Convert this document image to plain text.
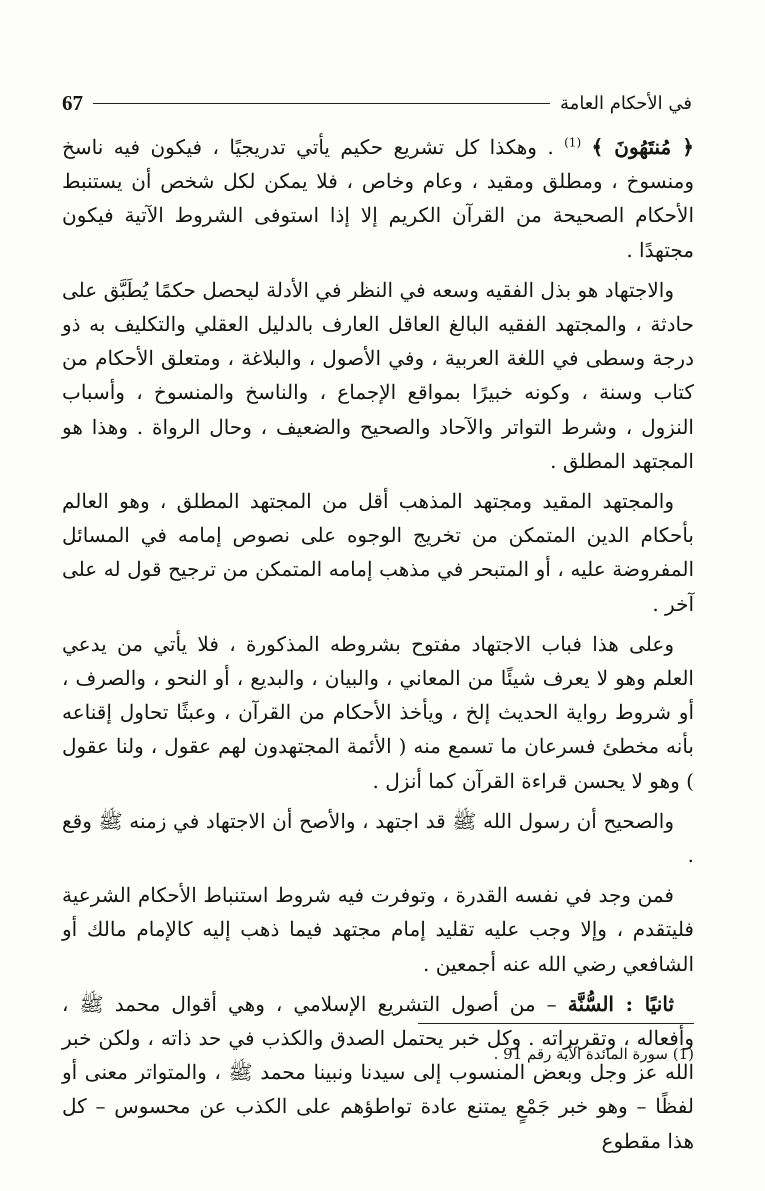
في الأحكام العامة
67

﴿ مُنتَهُونَ ﴾ $^{(1)}$ . وهكذا كل تشريع حكيم يأتي تدريجيًا ، فيكون فيه ناسخ ومنسوخ ، ومطلق ومقيد ، وعام وخاص ، فلا يمكن لكل شخص أن يستنبط الأحكام الصحيحة من القرآن الكريم إلا إذا استوفى الشروط الآتية فيكون مجتهدًا .

والاجتهاد هو بذل الفقيه وسعه في النظر في الأدلة ليحصل حكمًا يُطَبَّق على حادثة ، والمجتهد الفقيه البالغ العاقل العارف بالدليل العقلي والتكليف به ذو درجة وسطى في اللغة العربية ، وفي الأصول ، والبلاغة ، ومتعلق الأحكام من كتاب وسنة ، وكونه خبيرًا بمواقع الإجماع ، والناسخ والمنسوخ ، وأسباب النزول ، وشرط التواتر والآحاد والصحيح والضعيف ، وحال الرواة . وهذا هو المجتهد المطلق .

والمجتهد المقيد ومجتهد المذهب أقل من المجتهد المطلق ، وهو العالم بأحكام الدين المتمكن من تخريج الوجوه على نصوص إمامه في المسائل المفروضة عليه ، أو المتبحر في مذهب إمامه المتمكن من ترجيح قول له على آخر .

وعلى هذا فباب الاجتهاد مفتوح بشروطه المذكورة ، فلا يأتي من يدعي العلم وهو لا يعرف شيئًا من المعاني ، والبيان ، والبديع ، أو النحو ، والصرف ، أو شروط رواية الحديث إلخ ، ويأخذ الأحكام من القرآن ، وعبثًا تحاول إقناعه بأنه مخطئ فسرعان ما تسمع منه ( الأئمة المجتهدون لهم عقول ، ولنا عقول ) وهو لا يحسن قراءة القرآن كما أنزل .

والصحيح أن رسول الله ﷺ قد اجتهد ، والأصح أن الاجتهاد في زمنه ﷺ وقع .

فمن وجد في نفسه القدرة ، وتوفرت فيه شروط استنباط الأحكام الشرعية فليتقدم ، وإلا وجب عليه تقليد إمام مجتهد فيما ذهب إليه كالإمام مالك أو الشافعي رضي الله عنه أجمعين .

ثانيًا : السُّنَّة – من أصول التشريع الإسلامي ، وهي أقوال محمد ﷺ ، وأفعاله ، وتقريراته . وكل خبر يحتمل الصدق والكذب في حد ذاته ، ولكن خبر الله عز وجل وبعض المنسوب إلى سيدنا ونبينا محمد ﷺ ، والمتواتر معنى أو لفظًا – وهو خبر جَمْعٍ يمتنع عادة تواطؤهم على الكذب عن محسوس – كل هذا مقطوع

(1) سورة المائدة الآية رقم 91 .
